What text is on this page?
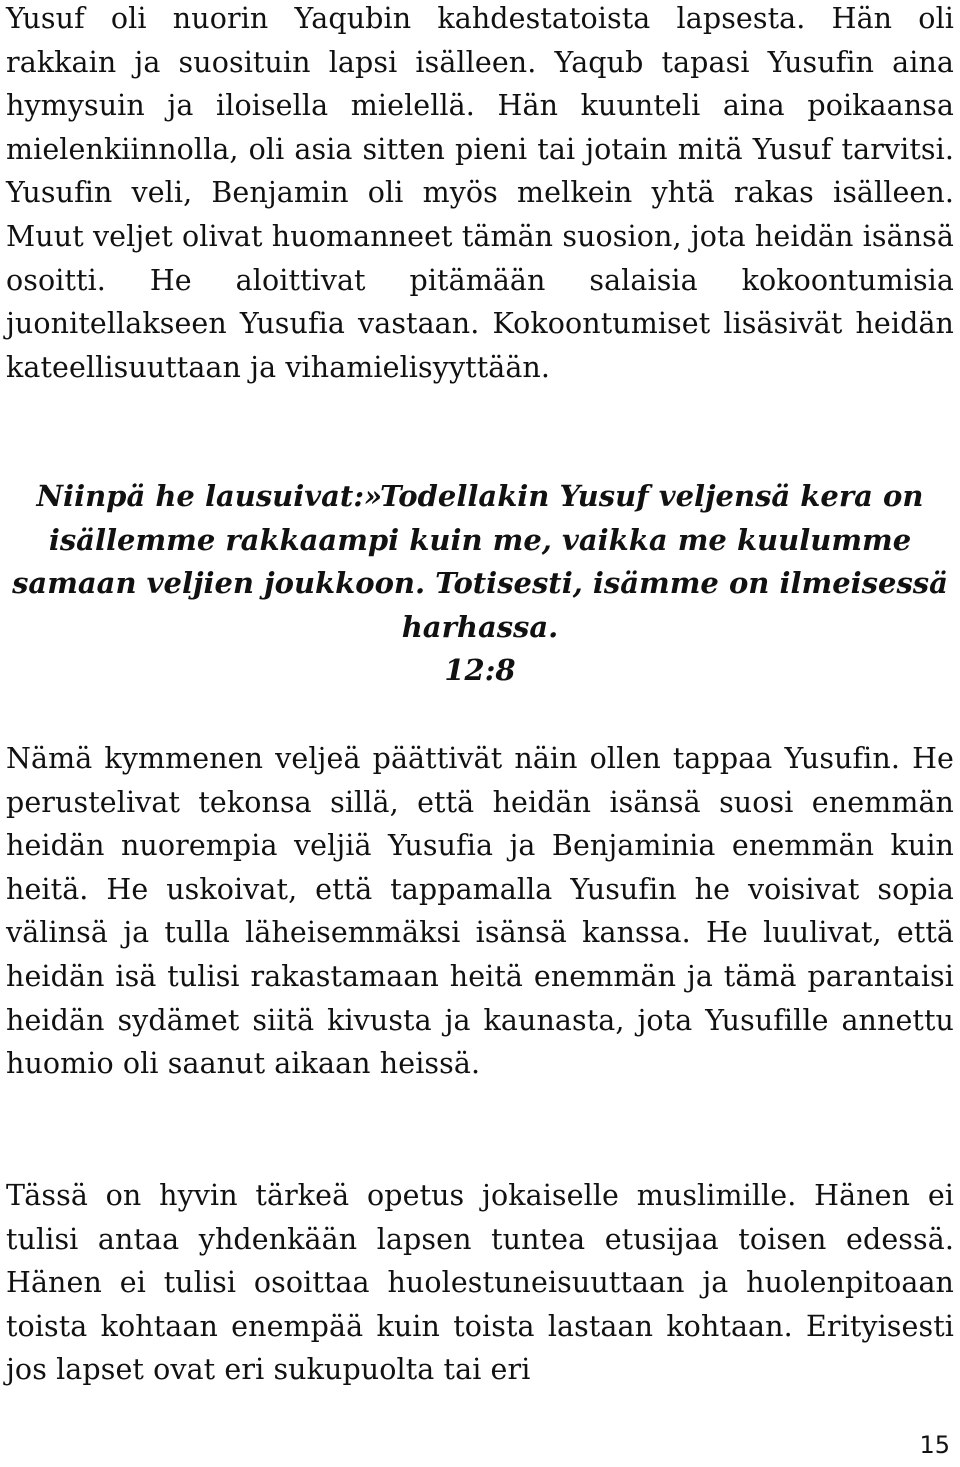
Yusuf oli nuorin Yaqubin kahdestatoista lapsesta. Hän oli rakkain ja suosituin lapsi isälleen. Yaqub tapasi Yusufin aina hymysuin ja iloisella mielellä. Hän kuunteli aina poikaansa mielenkiinnolla, oli asia sitten pieni tai jotain mitä Yusuf tarvitsi. Yusufin veli, Benjamin oli myös melkein yhtä rakas isälleen. Muut veljet olivat huomanneet tämän suosion, jota heidän isänsä osoitti. He aloittivat pitämään salaisia kokoontumisia juonitellakseen Yusufia vastaan. Kokoontumiset lisäsivät heidän kateellisuuttaan ja vihamielisyyttään.

Niinpä he lausuivat:»Todellakin Yusuf veljensä kera on isällemme rakkaampi kuin me, vaikka me kuulumme samaan veljien joukkoon. Totisesti, isämme on ilmeisessä harhassa.
12:8

Nämä kymmenen veljeä päättivät näin ollen tappaa Yusufin. He perustelivat tekonsa sillä, että heidän isänsä suosi enemmän heidän nuorempia veljiä Yusufia ja Benjaminia enemmän kuin heitä. He uskoivat, että tappamalla Yusufin he voisivat sopia välinsä ja tulla läheisemmäksi isänsä kanssa. He luulivat, että heidän isä tulisi rakastamaan heitä enemmän ja tämä parantaisi heidän sydämet siitä kivusta ja kaunasta, jota Yusufille annettu huomio oli saanut aikaan heissä.

Tässä on hyvin tärkeä opetus jokaiselle muslimille. Hänen ei tulisi antaa yhdenkään lapsen tuntea etusijaa toisen edessä. Hänen ei tulisi osoittaa huolestuneisuuttaan ja huolenpitoaan toista kohtaan enempää kuin toista lastaan kohtaan. Erityisesti jos lapset ovat eri sukupuolta tai eri

15
